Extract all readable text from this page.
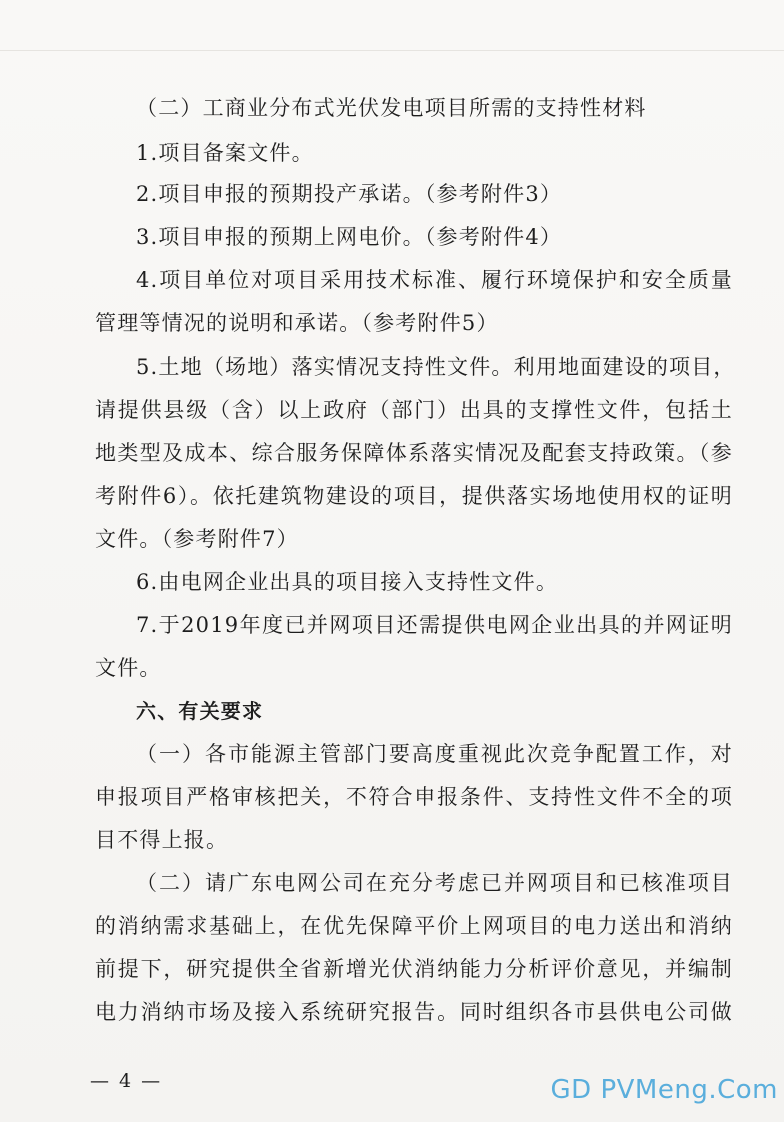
（二）工商业分布式光伏发电项目所需的支持性材料
1.项目备案文件。
2.项目申报的预期投产承诺。（参考附件3）
3.项目申报的预期上网电价。（参考附件4）
4.项目单位对项目采用技术标准、履行环境保护和安全质量
管理等情况的说明和承诺。（参考附件5）
5.土地（场地）落实情况支持性文件。利用地面建设的项目，
请提供县级（含）以上政府（部门）出具的支撑性文件，包括土
地类型及成本、综合服务保障体系落实情况及配套支持政策。（参
考附件6）。依托建筑物建设的项目，提供落实场地使用权的证明
文件。（参考附件7）
6.由电网企业出具的项目接入支持性文件。
7.于2019年度已并网项目还需提供电网企业出具的并网证明
文件。
六、有关要求
（一）各市能源主管部门要高度重视此次竞争配置工作，对
申报项目严格审核把关，不符合申报条件、支持性文件不全的项
目不得上报。
（二）请广东电网公司在充分考虑已并网项目和已核准项目
的消纳需求基础上，在优先保障平价上网项目的电力送出和消纳
前提下，研究提供全省新增光伏消纳能力分析评价意见，并编制
电力消纳市场及接入系统研究报告。同时组织各市县供电公司做
— 4 —	GD PVMeng.Com
